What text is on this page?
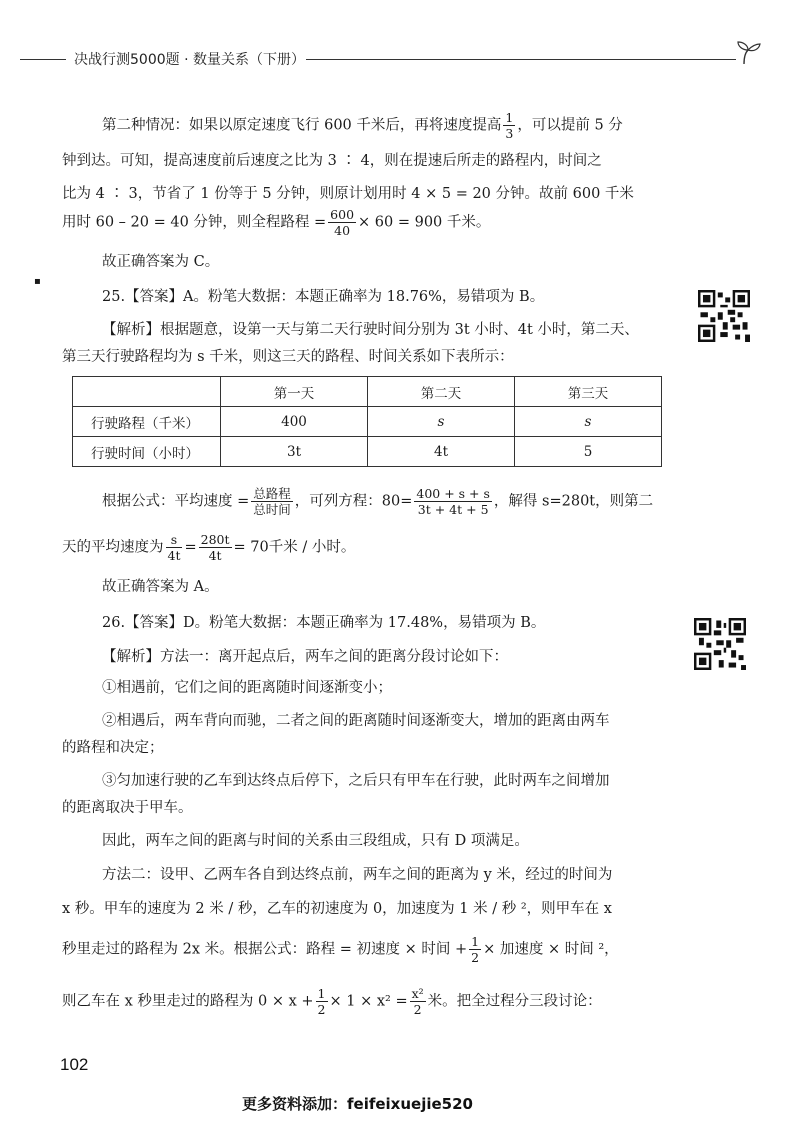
决战行测5000题 · 数量关系（下册）
第二种情况：如果以原定速度飞行 600 千米后，再将速度提高 $\frac{1}{3}$ ，可以提前 5 分
钟到达。可知，提高速度前后速度之比为 3 ∶ 4，则在提速后所走的路程内，时间之
比为 4 ∶ 3，节省了 1 份等于 5 分钟，则原计划用时 4 × 5 = 20 分钟。故前 600 千米
用时 60 – 20 = 40 分钟，则全程路程 = $\frac{600}{40} \times 60 = 900$ 千米。
故正确答案为 C。
▪
25.【答案】A。粉笔大数据：本题正确率为 18.76%，易错项为 B。
【解析】根据题意，设第一天与第二天行驶时间分别为 3t 小时、4t 小时，第二天、
第三天行驶路程均为 s 千米，则这三天的路程、时间关系如下表所示：
	第一天	第二天	第三天
行驶路程（千米）	400	s	s
行驶时间（小时）	3t	4t	5
根据公式：平均速度 = $\frac{\text{总路程}}{\text{总时间}}$ ，可列方程：$80= \frac{400 + s + s}{3t + 4t + 5}$ ，解得 s=280t，则第二
天的平均速度为 $\frac{s}{4t} = \frac{280t}{4t} = 70$千米 / 小时。
故正确答案为 A。
26.【答案】D。粉笔大数据：本题正确率为 17.48%，易错项为 B。
【解析】方法一：离开起点后，两车之间的距离分段讨论如下：
①相遇前，它们之间的距离随时间逐渐变小；
②相遇后，两车背向而驰，二者之间的距离随时间逐渐变大，增加的距离由两车
的路程和决定；
③匀加速行驶的乙车到达终点后停下，之后只有甲车在行驶，此时两车之间增加
的距离取决于甲车。
因此，两车之间的距离与时间的关系由三段组成，只有 D 项满足。
方法二：设甲、乙两车各自到达终点前，两车之间的距离为 y 米，经过的时间为
x 秒。甲车的速度为 2 米 / 秒，乙车的初速度为 0，加速度为 1 米 / 秒 ²，则甲车在 x
秒里走过的路程为 2x 米。根据公式：路程 = 初速度 × 时间 + $\frac{1}{2}$ × 加速度 × 时间 ²，
则乙车在 x 秒里走过的路程为 $0 \times x + \frac{1}{2} \times 1 \times x^2 = \frac{\text{x²}}{2}$ 米。把全过程分三段讨论：
102
更多资料添加：feifeixuejie520
